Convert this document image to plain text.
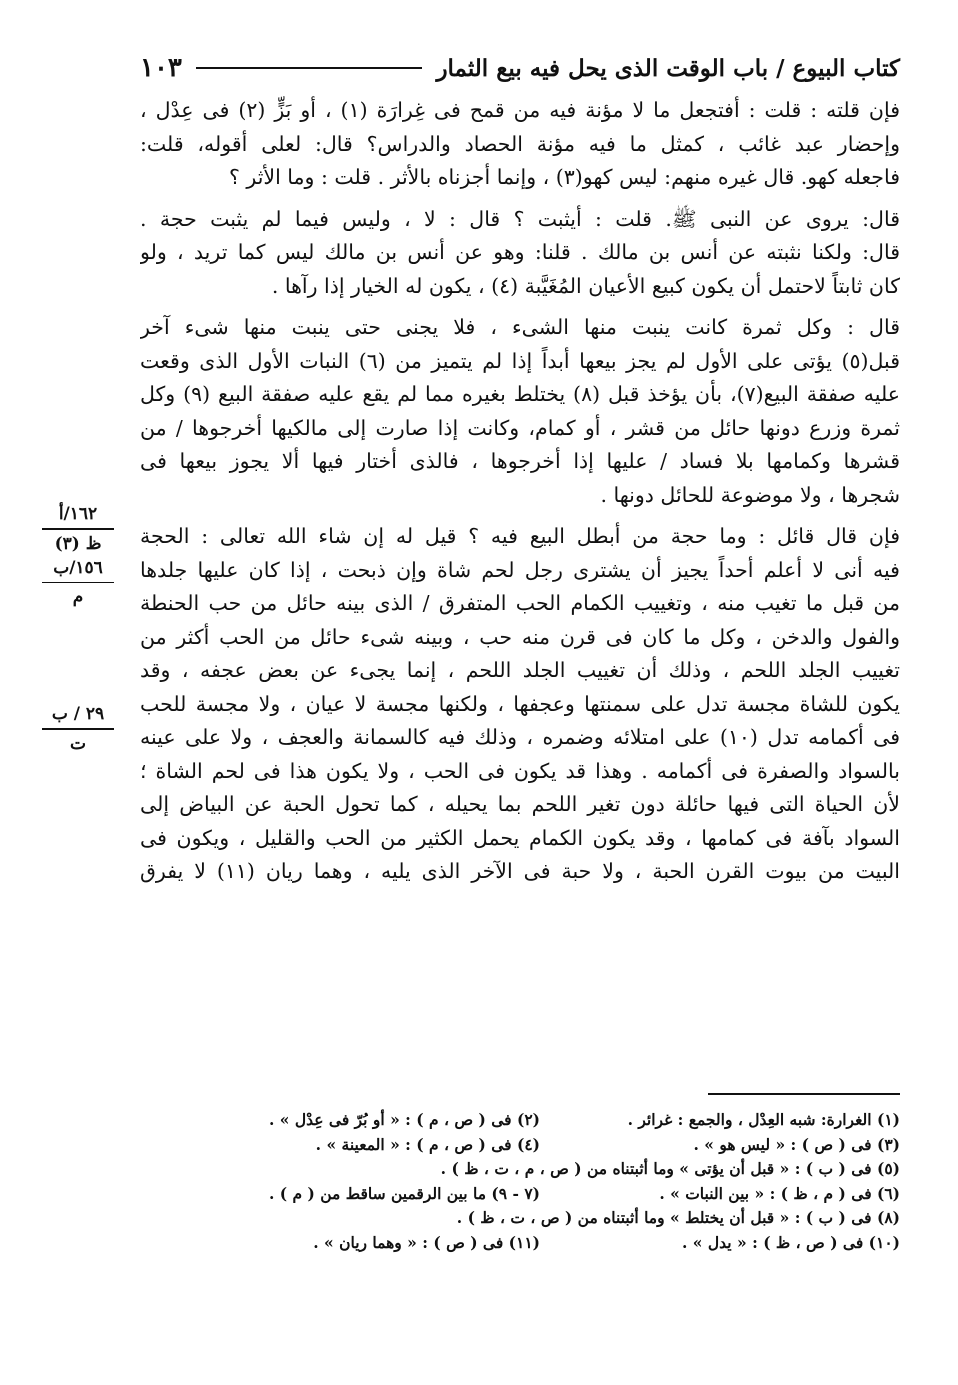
كتاب البيوع / باب الوقت الذى يحل فيه بيع الثمار
١٠٣
فإن قلته : قلت : أفتجعل ما لا مؤنة فيه من قمح فى غِرارَة (١) ، أو بَزٍّ (٢) فى عِدْل ،
وإحضار عبد غائب ، كمثل ما فيه مؤنة الحصاد والدراس؟ قال: لعلى أقوله، قلت:
فاجعله كهو. قال غيره منهم: ليس كهو(٣) ، وإنما أجزناه بالأثر . قلت : وما الأثر ؟
قال: يروى عن النبى ﷺ. قلت : أيثبت ؟ قال : لا ، وليس فيما لم يثبت حجة .
قال: ولكنا نثبته عن أنس بن مالك . قلنا: وهو عن أنس بن مالك ليس كما تريد ، ولو
كان ثابتاً لاحتمل أن يكون كبيع الأعيان المُغَيَّبة (٤) ، يكون له الخيار إذا رآها .
قال : وكل ثمرة كانت ينبت منها الشىء ، فلا يجنى حتى ينبت منها شىء آخر
قبل(٥) يؤتى على الأول لم يجز بيعها أبداً إذا لم يتميز من (٦) النبات الأول الذى وقعت
عليه صفقة البيع(٧)، بأن يؤخذ قبل (٨) يختلط بغيره مما لم يقع عليه صفقة البيع (٩) وكل
ثمرة وزرع دونها حائل من قشر ، أو كمام، وكانت إذا صارت إلى مالكيها أخرجوها / من
قشرها وكمامها بلا فساد / عليها إذا أخرجوها ، فالذى أختار فيها ألا يجوز بيعها فى
شجرها ، ولا موضوعة للحائل دونها .
فإن قال قائل : وما حجة من أبطل البيع فيه ؟ قيل له إن شاء الله تعالى : الحجة
فيه أنى لا أعلم أحداً يجيز أن يشترى رجل لحم شاة وإن ذبحت ، إذا كان عليها جلدها
من قبل ما تغيب منه ، وتغييب الكمام الحب المتفرق / الذى بينه حائل من حب الحنطة
والفول والدخن ، وكل ما كان فى قرن منه حب ، وبينه شىء حائل من الحب أكثر من
تغييب الجلد اللحم ، وذلك أن تغييب الجلد اللحم ، إنما يجىء عن بعض عجفه ، وقد
يكون للشاة مجسة تدل على سمنتها وعجفها ، ولكنها مجسة لا عيان ، ولا مجسة للحب
فى أكمامه تدل (١٠) على امتلائه وضمره ، وذلك فيه كالسمانة والعجف ، ولا على عينه
بالسواد والصفرة فى أكمامه . وهذا قد يكون فى الحب ، ولا يكون هذا فى لحم الشاة ؛
لأن الحياة التى فيها حائلة دون تغير اللحم بما يحيله ، كما تحول الحبة عن البياض إلى
السواد بآفة فى كمامها ، وقد يكون الكمام يحمل الكثير من الحب والقليل ، ويكون فى
البيت من بيوت القرن الحبة ، ولا حبة فى الآخر الذى يليه ، وهما ريان (١١) لا يفرق
١٦٢/أ
ظ (٣)
١٥٦/ب
م
٢٩ / ب
ت
(١) الغرارة: شبه العِدْل ، والجمع : غرائر .
(٢) فى ( ص ، م ) : « أو بُرّ فى عِدْل » .
(٣) فى ( ص ) : « ليس هو » .
(٤) فى ( ص ، م ) : « المعينة » .
(٥) فى ( ب ) : « قبل أن يؤتى » وما أثبتناه من ( ص ، م ، ت ، ظ ) .
(٦) فى ( م ، ظ ) : « بين النبات » .
(٧ - ٩) ما بين الرقمين ساقط من ( م ) .
(٨) فى ( ب ) : « قبل أن يختلط » وما أثبتناه من ( ص ، ت ، ظ ) .
(١٠) فى ( ص ، ظ ) : « يدل » .
(١١) فى ( ص ) : « وهما ريان » .
